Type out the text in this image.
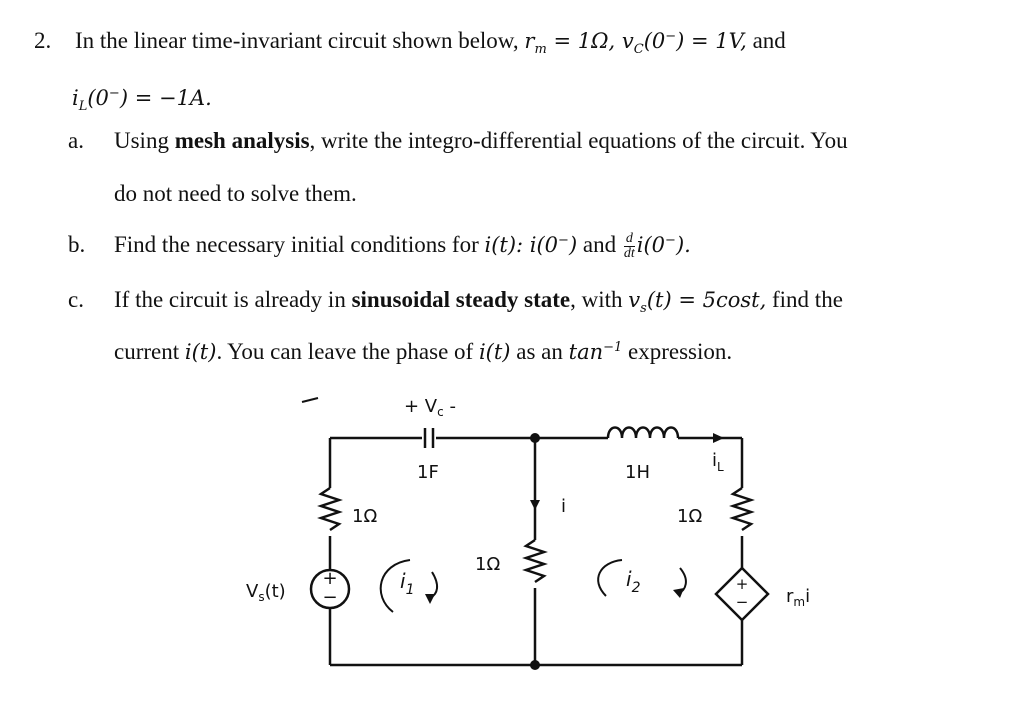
2. In the linear time-invariant circuit shown below, $r_m = 1\Omega$, $v_C(0^-) = 1V$, and
$i_L(0^-) = -1A$.
a. Using mesh analysis, write the integro-differential equations of the circuit. You
do not need to solve them.
b. Find the necessary initial conditions for i(t): i(0−) and $\frac{d}{dt} i(0^-)$.
c. If the circuit is already in sinusoidal steady state, with $v_s(t) = 5\cos t$, find the
current i(t). You can leave the phase of i(t) as an $\tan^{-1}$ expression.
+
−
+
−
+ $V_c$ -
1F	1H
$i_L$
1Ω	1Ω
1Ω
i
$V_s(t)$	$i_1$	$i_2$	$r_mi$
